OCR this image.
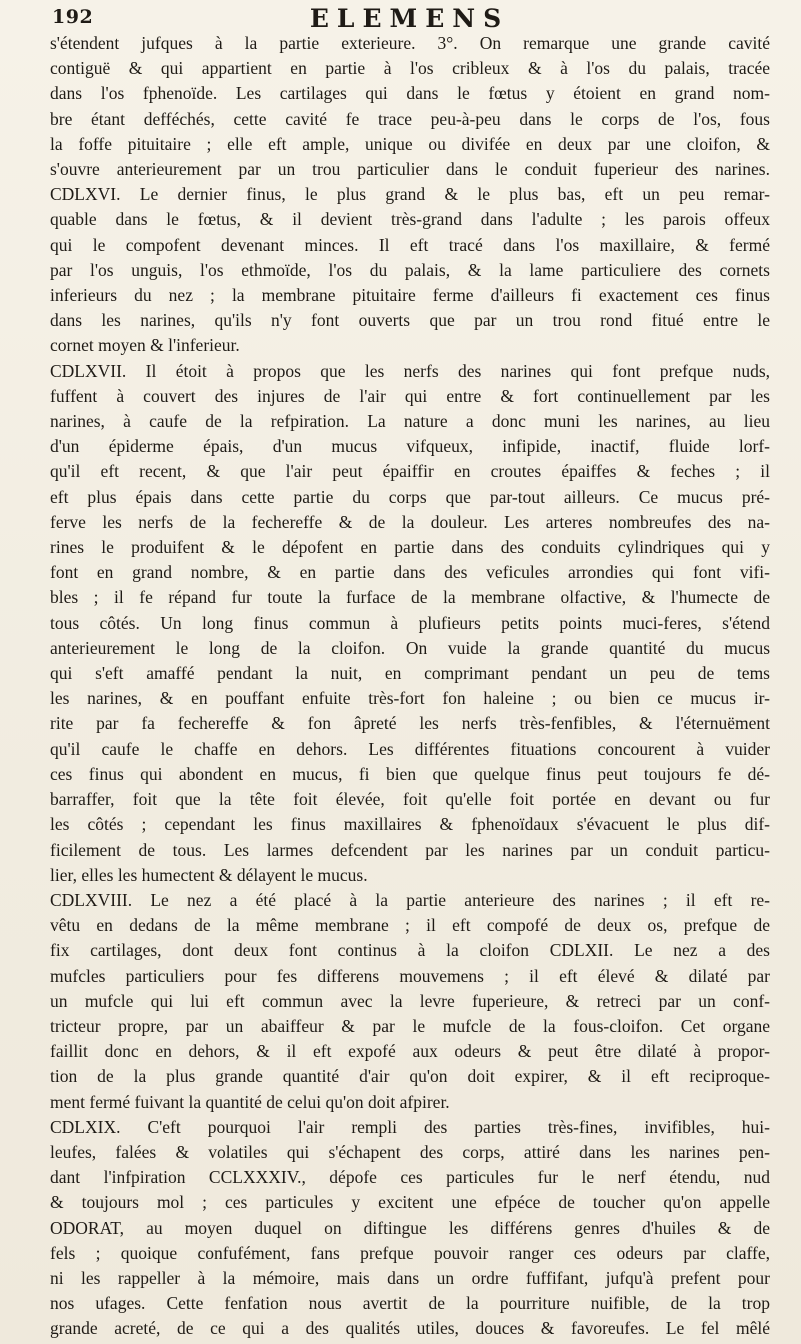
192	ELEMENS
s'étendent jufques à la partie exterieure. 3°. On remarque une grande cavité
contiguë & qui appartient en partie à l'os cribleux & à l'os du palais, tracée
dans l'os fphenoïde. Les cartilages qui dans le fœtus y étoient en grand nom-
bre étant defféchés, cette cavité fe trace peu-à-peu dans le corps de l'os, fous
la foffe pituitaire ; elle eft ample, unique ou divifée en deux par une cloifon, &
s'ouvre anterieurement par un trou particulier dans le conduit fuperieur des narines.
CDLXVI. Le dernier finus, le plus grand & le plus bas, eft un peu remar-
quable dans le fœtus, & il devient très-grand dans l'adulte ; les parois offeux
qui le compofent devenant minces. Il eft tracé dans l'os maxillaire, & fermé
par l'os unguis, l'os ethmoïde, l'os du palais, & la lame particuliere des cornets
inferieurs du nez ; la membrane pituitaire ferme d'ailleurs fi exactement ces finus
dans les narines, qu'ils n'y font ouverts que par un trou rond fitué entre le
cornet moyen & l'inferieur.
CDLXVII. Il étoit à propos que les nerfs des narines qui font prefque nuds,
fuffent à couvert des injures de l'air qui entre & fort continuellement par les
narines, à caufe de la refpiration. La nature a donc muni les narines, au lieu
d'un épiderme épais, d'un mucus vifqueux, infipide, inactif, fluide lorf-
qu'il eft recent, & que l'air peut épaiffir en croutes épaiffes & feches ; il
eft plus épais dans cette partie du corps que par-tout ailleurs. Ce mucus pré-
ferve les nerfs de la fechereffe & de la douleur. Les arteres nombreufes des na-
rines le produifent & le dépofent en partie dans des conduits cylindriques qui y
font en grand nombre, & en partie dans des veficules arrondies qui font vifi-
bles ; il fe répand fur toute la furface de la membrane olfactive, & l'humecte de
tous côtés. Un long finus commun à plufieurs petits points muci-feres, s'étend
anterieurement le long de la cloifon. On vuide la grande quantité du mucus
qui s'eft amaffé pendant la nuit, en comprimant pendant un peu de tems
les narines, & en pouffant enfuite très-fort fon haleine ; ou bien ce mucus ir-
rite par fa fechereffe & fon âpreté les nerfs très-fenfibles, & l'éternuëment
qu'il caufe le chaffe en dehors. Les différentes fituations concourent à vuider
ces finus qui abondent en mucus, fi bien que quelque finus peut toujours fe dé-
barraffer, foit que la tête foit élevée, foit qu'elle foit portée en devant ou fur
les côtés ; cependant les finus maxillaires & fphenoïdaux s'évacuent le plus dif-
ficilement de tous. Les larmes defcendent par les narines par un conduit particu-
lier, elles les humectent & délayent le mucus.
CDLXVIII. Le nez a été placé à la partie anterieure des narines ; il eft re-
vêtu en dedans de la même membrane ; il eft compofé de deux os, prefque de
fix cartilages, dont deux font continus à la cloifon CDLXII. Le nez a des
mufcles particuliers pour fes differens mouvemens ; il eft élevé & dilaté par
un mufcle qui lui eft commun avec la levre fuperieure, & retreci par un conf-
tricteur propre, par un abaiffeur & par le mufcle de la fous-cloifon. Cet organe
faillit donc en dehors, & il eft expofé aux odeurs & peut être dilaté à propor-
tion de la plus grande quantité d'air qu'on doit expirer, & il eft reciproque-
ment fermé fuivant la quantité de celui qu'on doit afpirer.
CDLXIX. C'eft pourquoi l'air rempli des parties très-fines, invifibles, hui-
leufes, falées & volatiles qui s'échapent des corps, attiré dans les narines pen-
dant l'infpiration CCLXXXIV., dépofe ces particules fur le nerf étendu, nud
& toujours mol ; ces particules y excitent une efpéce de toucher qu'on appelle
ODORAT, au moyen duquel on diftingue les différens genres d'huiles & de
fels ; quoique confufément, fans prefque pouvoir ranger ces odeurs par claffe,
ni les rappeller à la mémoire, mais dans un ordre fuffifant, jufqu'à prefent pour
nos ufages. Cette fenfation nous avertit de la pourriture nuifible, de la trop
grande acreté, de ce qui a des qualités utiles, douces & favoreufes. Le fel mêlé
